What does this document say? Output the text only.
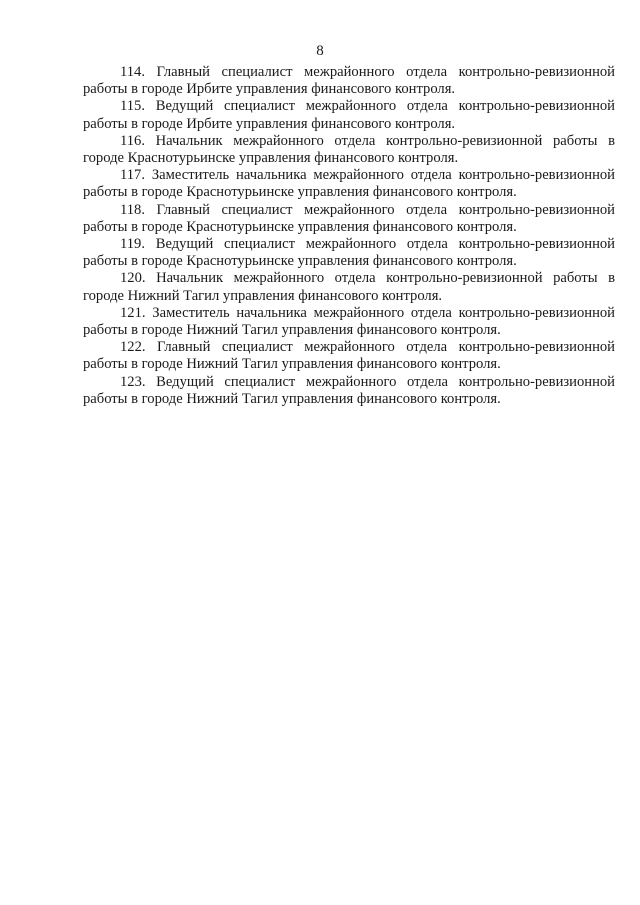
8

114. Главный специалист межрайонного отдела контрольно-ревизионной работы в городе Ирбите управления финансового контроля.

115. Ведущий специалист межрайонного отдела контрольно-ревизионной работы в городе Ирбите управления финансового контроля.

116. Начальник межрайонного отдела контрольно-ревизионной работы в городе Краснотурьинске управления финансового контроля.

117. Заместитель начальника межрайонного отдела контрольно-ревизионной работы в городе Краснотурьинске управления финансового контроля.

118. Главный специалист межрайонного отдела контрольно-ревизионной работы в городе Краснотурьинске управления финансового контроля.

119. Ведущий специалист межрайонного отдела контрольно-ревизионной работы в городе Краснотурьинске управления финансового контроля.

120. Начальник межрайонного отдела контрольно-ревизионной работы в городе Нижний Тагил управления финансового контроля.

121. Заместитель начальника межрайонного отдела контрольно-ревизионной работы в городе Нижний Тагил управления финансового контроля.

122. Главный специалист межрайонного отдела контрольно-ревизионной работы в городе Нижний Тагил управления финансового контроля.

123. Ведущий специалист межрайонного отдела контрольно-ревизионной работы в городе Нижний Тагил управления финансового контроля.
